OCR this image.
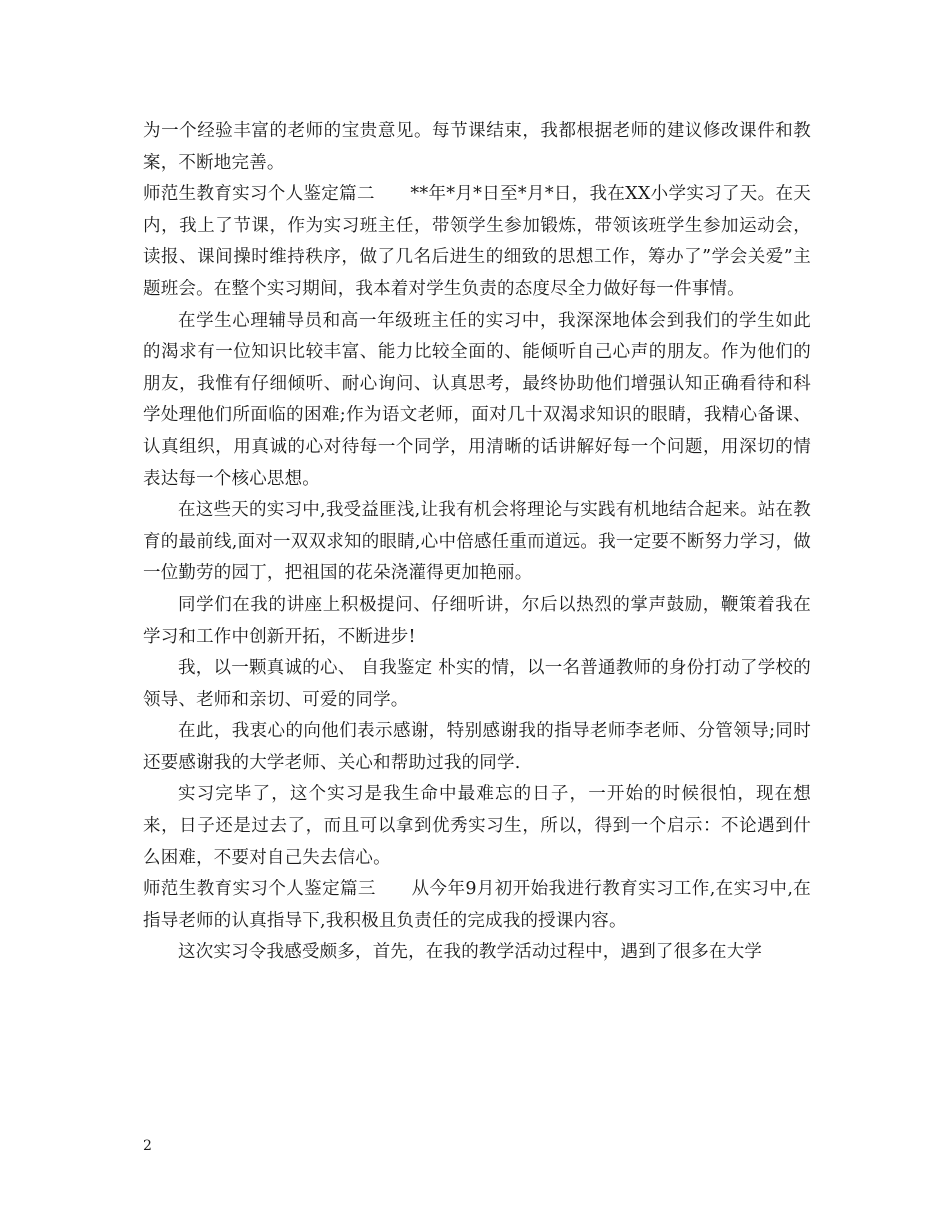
为一个经验丰富的老师的宝贵意见。每节课结束，我都根据老师的建议修改课件和教案，不断地完善。

师范生教育实习个人鉴定篇二　　**年*月*日至*月*日，我在XX小学实习了天。在天内，我上了节课，作为实习班主任，带领学生参加锻炼，带领该班学生参加运动会，读报、课间操时维持秩序，做了几名后进生的细致的思想工作，筹办了”学会关爱”主题班会。在整个实习期间，我本着对学生负责的态度尽全力做好每一件事情。

在学生心理辅导员和高一年级班主任的实习中，我深深地体会到我们的学生如此的渴求有一位知识比较丰富、能力比较全面的、能倾听自己心声的朋友。作为他们的朋友，我惟有仔细倾听、耐心询问、认真思考，最终协助他们增强认知正确看待和科学处理他们所面临的困难;作为语文老师，面对几十双渴求知识的眼睛，我精心备课、认真组织，用真诚的心对待每一个同学，用清晰的话讲解好每一个问题，用深切的情表达每一个核心思想。

在这些天的实习中,我受益匪浅,让我有机会将理论与实践有机地结合起来。站在教育的最前线,面对一双双求知的眼睛,心中倍感任重而道远。我一定要不断努力学习，做一位勤劳的园丁，把祖国的花朵浇灌得更加艳丽。

同学们在我的讲座上积极提问、仔细听讲，尔后以热烈的掌声鼓励，鞭策着我在学习和工作中创新开拓，不断进步!

我，以一颗真诚的心、 自我鉴定 朴实的情，以一名普通教师的身份打动了学校的领导、老师和亲切、可爱的同学。

在此，我衷心的向他们表示感谢，特别感谢我的指导老师李老师、分管领导;同时还要感谢我的大学老师、关心和帮助过我的同学.

实习完毕了，这个实习是我生命中最难忘的日子，一开始的时候很怕，现在想来，日子还是过去了，而且可以拿到优秀实习生，所以，得到一个启示：不论遇到什么困难，不要对自己失去信心。

师范生教育实习个人鉴定篇三　　从今年9月初开始我进行教育实习工作,在实习中,在指导老师的认真指导下,我积极且负责任的完成我的授课内容。

这次实习令我感受颇多，首先，在我的教学活动过程中，遇到了很多在大学

2
